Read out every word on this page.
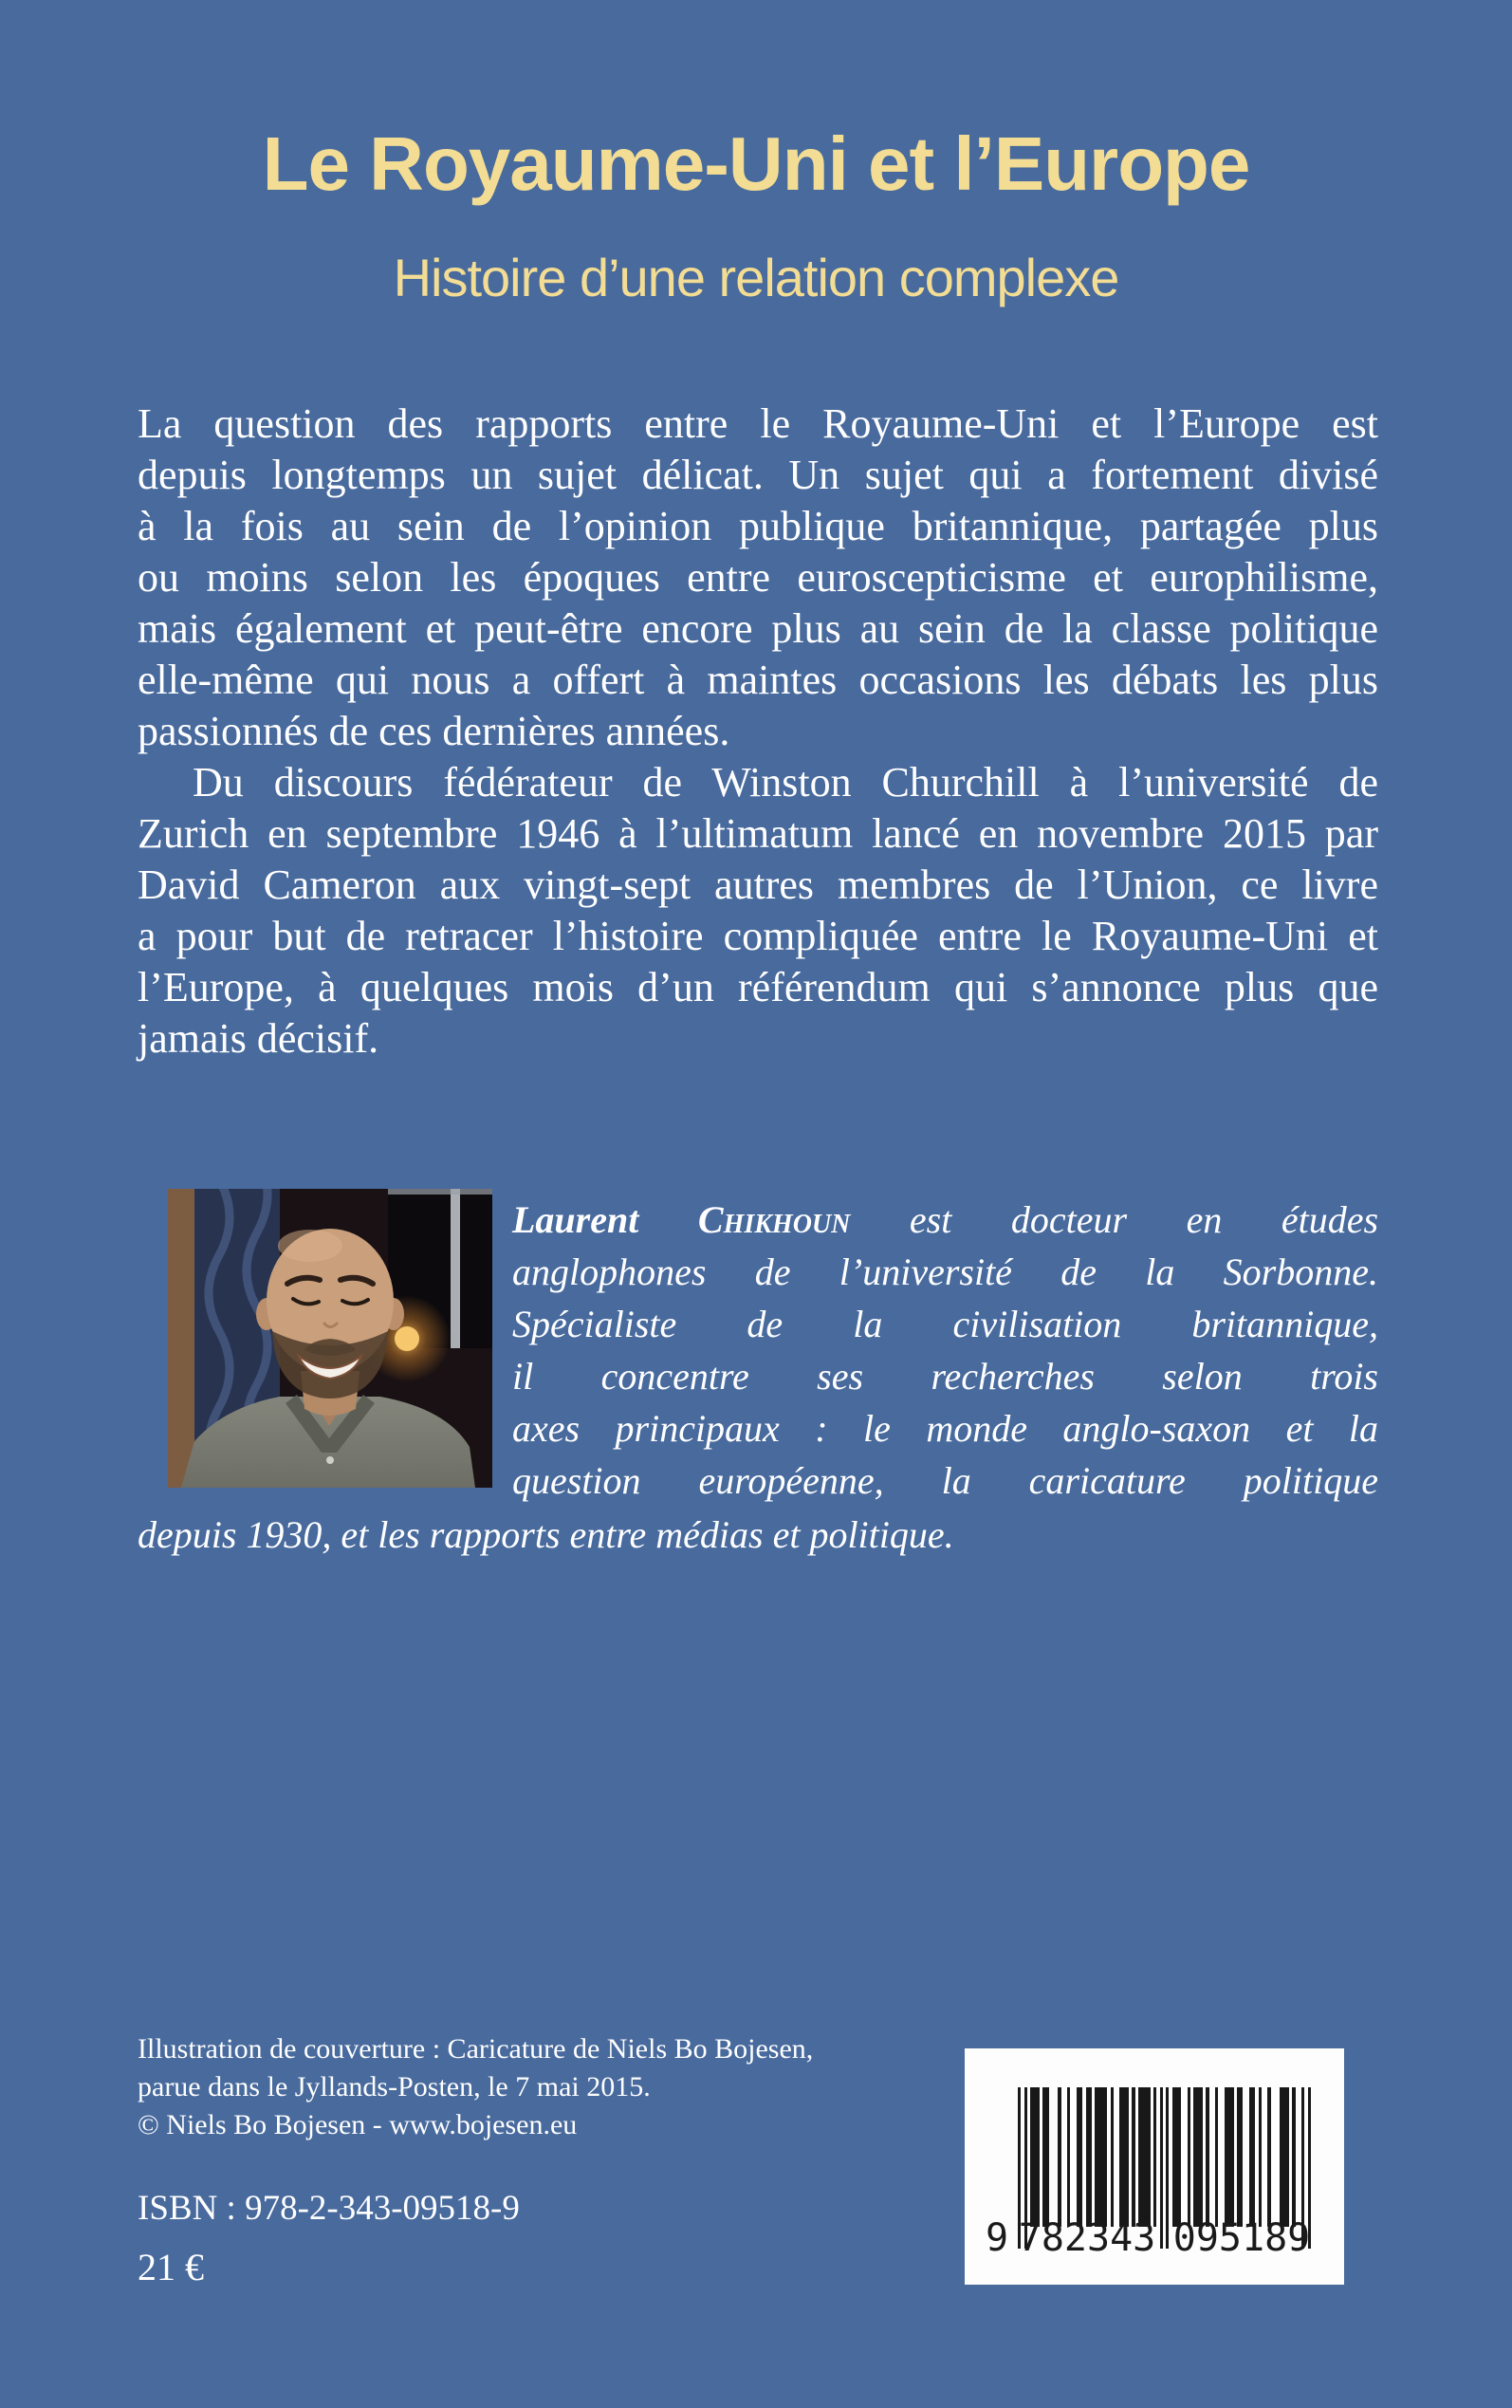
Le Royaume-Uni et l’Europe
Histoire d’une relation complexe
La question des rapports entre le Royaume-Uni et l’Europe est
depuis longtemps un sujet délicat. Un sujet qui a fortement divisé
à la fois au sein de l’opinion publique britannique, partagée plus
ou moins selon les époques entre euroscepticisme et europhilisme,
mais également et peut-être encore plus au sein de la classe politique
elle-même qui nous a offert à maintes occasions les débats les plus
passionnés de ces dernières années.
Du discours fédérateur de Winston Churchill à l’université de
Zurich en septembre 1946 à l’ultimatum lancé en novembre 2015 par
David Cameron aux vingt-sept autres membres de l’Union, ce livre
a pour but de retracer l’histoire compliquée entre le Royaume-Uni et
l’Europe, à quelques mois d’un référendum qui s’annonce plus que
jamais décisif.
Laurent Chikhoun est docteur en études
anglophones de l’université de la Sorbonne.
Spécialiste de la civilisation britannique,
il concentre ses recherches selon trois
axes principaux : le monde anglo-saxon et la
question européenne, la caricature politique
depuis 1930, et les rapports entre médias et politique.
Illustration de couverture : Caricature de Niels Bo Bojesen,
parue dans le Jyllands-Posten, le 7 mai 2015.
© Niels Bo Bojesen - www.bojesen.eu
ISBN : 978-2-343-09518-9
21 €
9 782343 095189
